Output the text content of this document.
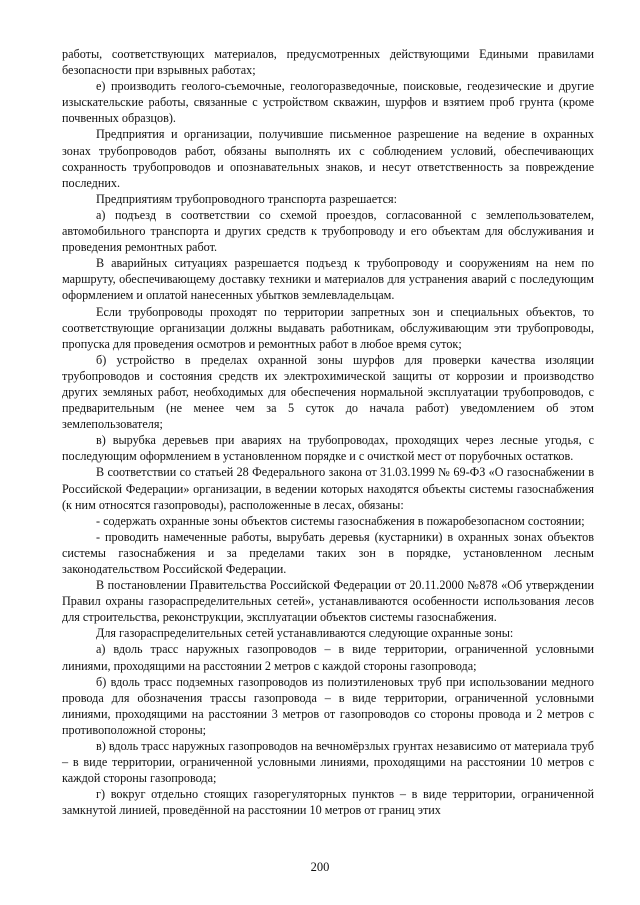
работы, соответствующих материалов, предусмотренных действующими Едиными правилами безопасности при взрывных работах;

е) производить геолого-съемочные, геологоразведочные, поисковые, геодезические и другие изыскательские работы, связанные с устройством скважин, шурфов и взятием проб грунта (кроме почвенных образцов).

Предприятия и организации, получившие письменное разрешение на ведение в охранных зонах трубопроводов работ, обязаны выполнять их с соблюдением условий, обеспечивающих сохранность трубопроводов и опознавательных знаков, и несут ответственность за повреждение последних.

Предприятиям трубопроводного транспорта разрешается:

а) подъезд в соответствии со схемой проездов, согласованной с землепользователем, автомобильного транспорта и других средств к трубопроводу и его объектам для обслуживания и проведения ремонтных работ.

В аварийных ситуациях разрешается подъезд к трубопроводу и сооружениям на нем по маршруту, обеспечивающему доставку техники и материалов для устранения аварий с последующим оформлением и оплатой нанесенных убытков землевладельцам.

Если трубопроводы проходят по территории запретных зон и специальных объектов, то соответствующие организации должны выдавать работникам, обслуживающим эти трубопроводы, пропуска для проведения осмотров и ремонтных работ в любое время суток;

б) устройство в пределах охранной зоны шурфов для проверки качества изоляции трубопроводов и состояния средств их электрохимической защиты от коррозии и производство других земляных работ, необходимых для обеспечения нормальной эксплуатации трубопроводов, с предварительным (не менее чем за 5 суток до начала работ) уведомлением об этом землепользователя;

в) вырубка деревьев при авариях на трубопроводах, проходящих через лесные угодья, с последующим оформлением в установленном порядке и с очисткой мест от порубочных остатков.

В соответствии со статьей 28 Федерального закона от 31.03.1999 № 69-ФЗ «О газоснабжении в Российской Федерации» организации, в ведении которых находятся объекты системы газоснабжения (к ним относятся газопроводы), расположенные в лесах, обязаны:

- содержать охранные зоны объектов системы газоснабжения в пожаробезопасном состоянии;

- проводить намеченные работы, вырубать деревья (кустарники) в охранных зонах объектов системы газоснабжения и за пределами таких зон в порядке, установленном лесным законодательством Российской Федерации.

В постановлении Правительства Российской Федерации от 20.11.2000 №878 «Об утверждении Правил охраны газораспределительных сетей», устанавливаются особенности использования лесов для строительства, реконструкции, эксплуатации объектов системы газоснабжения.

Для газораспределительных сетей устанавливаются следующие охранные зоны:

а) вдоль трасс наружных газопроводов – в виде территории, ограниченной условными линиями, проходящими на расстоянии 2 метров с каждой стороны газопровода;

б) вдоль трасс подземных газопроводов из полиэтиленовых труб при использовании медного провода для обозначения трассы газопровода – в виде территории, ограниченной условными линиями, проходящими на расстоянии 3 метров от газопроводов со стороны провода и 2 метров с противоположной стороны;

в) вдоль трасс наружных газопроводов на вечномёрзлых грунтах независимо от материала труб – в виде территории, ограниченной условными линиями, проходящими на расстоянии 10 метров с каждой стороны газопровода;

г) вокруг отдельно стоящих газорегуляторных пунктов – в виде территории, ограниченной замкнутой линией, проведённой на расстоянии 10 метров от границ этих

200
